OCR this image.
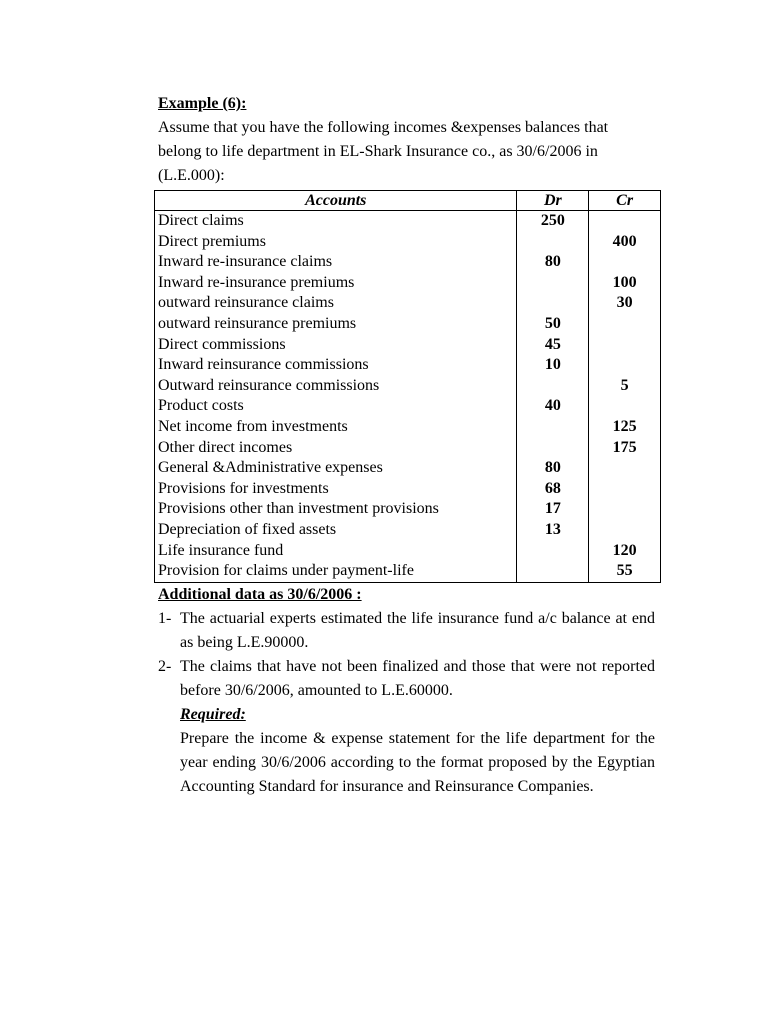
Example (6):
Assume that you have the following incomes &expenses balances that
belong to life department in EL-Shark Insurance co., as 30/6/2006 in
(L.E.000):
Accounts	Dr	Cr
Direct claims	250	
Direct premiums		400
Inward re-insurance claims	80	
Inward re-insurance premiums		100
outward reinsurance claims		30
outward reinsurance premiums	50	
Direct commissions	45	
Inward reinsurance commissions	10	
Outward reinsurance commissions		5
Product costs	40	
Net income from investments		125
Other direct incomes		175
General &Administrative expenses	80	
Provisions for investments	68	
Provisions other than investment provisions	17	
Depreciation of fixed assets	13	
Life insurance fund		120
Provision for claims under payment-life		55
Additional data as 30/6/2006 :
1- The actuarial experts estimated the life insurance fund a/c balance at end as being L.E.90000.
2- The claims that have not been finalized and those that were not reported before 30/6/2006, amounted to L.E.60000.
Required:
Prepare the income & expense statement for the life department for the year ending 30/6/2006 according to the format proposed by the Egyptian Accounting Standard for insurance and Reinsurance Companies.
